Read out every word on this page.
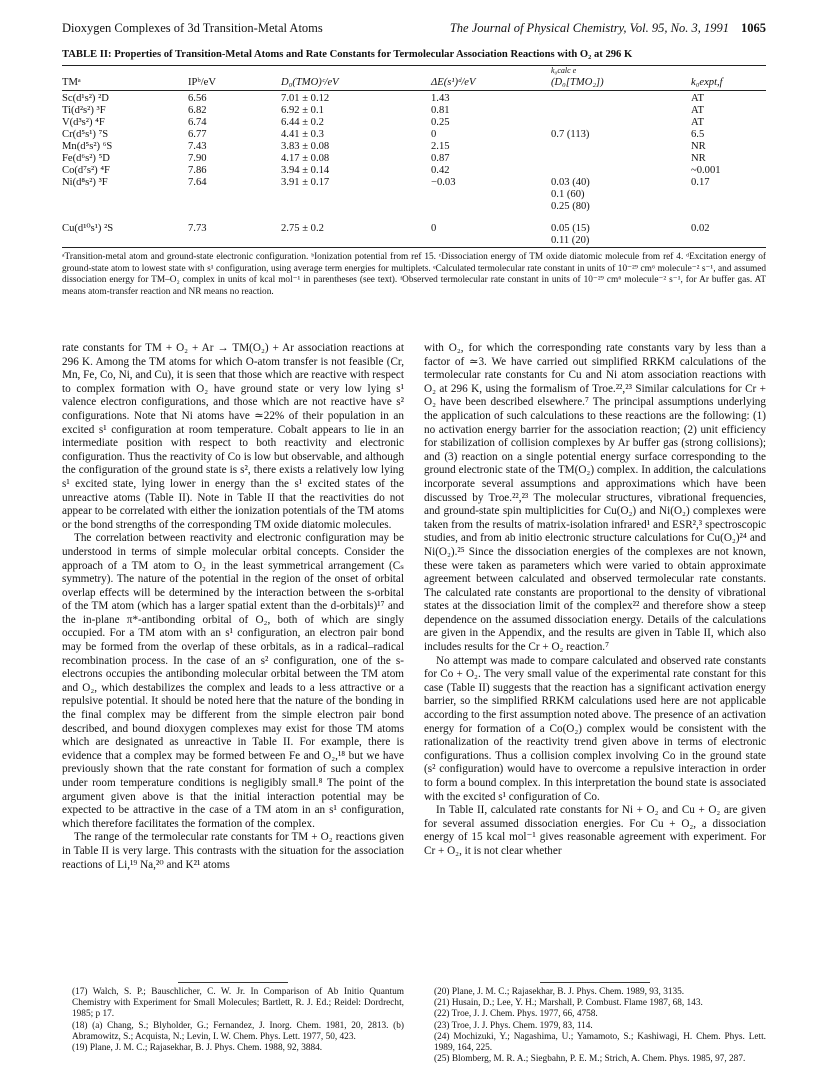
Dioxygen Complexes of 3d Transition-Metal Atoms	The Journal of Physical Chemistry, Vol. 95, No. 3, 1991 1065
TABLE II: Properties of Transition-Metal Atoms and Rate Constants for Termolecular Association Reactions with O₂ at 296 K
				k₀calc e	
TMᵃ	IPᵇ/eV	D₀(TMO)ᶜ/eV	ΔE(s¹)ᵈ/eV	(D₀[TMO₂])	k₀expt,f
Sc(d¹s²) ²D	6.56	7.01 ± 0.12	1.43		AT
Ti(d²s²) ³F	6.82	6.92 ± 0.1	0.81		AT
V(d³s²) ⁴F	6.74	6.44 ± 0.2	0.25		AT
Cr(d⁵s¹) ⁷S	6.77	4.41 ± 0.3	0	0.7 (113)	6.5
Mn(d⁵s²) ⁶S	7.43	3.83 ± 0.08	2.15		NR
Fe(d⁶s²) ⁵D	7.90	4.17 ± 0.08	0.87		NR
Co(d⁷s²) ⁴F	7.86	3.94 ± 0.14	0.42		~0.001
Ni(d⁸s²) ³F	7.64	3.91 ± 0.17	−0.03	0.03 (40)
0.1 (60)
0.25 (80)	0.17

Cu(d¹⁰s¹) ²S	7.73	2.75 ± 0.2	0	0.05 (15)
0.11 (20)	0.02
ᵃTransition-metal atom and ground-state electronic configuration. ᵇIonization potential from ref 15. ᶜDissociation energy of TM oxide diatomic molecule from ref 4. ᵈExcitation energy of ground-state atom to lowest state with s¹ configuration, using average term energies for multiplets. ᵉCalculated termolecular rate constant in units of 10⁻²⁹ cm⁶ molecule⁻² s⁻¹, and assumed dissociation energy for TM–O₂ complex in units of kcal mol⁻¹ in parentheses (see text). ᶠObserved termolecular rate constant in units of 10⁻²⁹ cm⁶ molecule⁻² s⁻¹, for Ar buffer gas. AT means atom-transfer reaction and NR means no reaction.

rate constants for TM + O₂ + Ar → TM(O₂) + Ar association reactions at 296 K. Among the TM atoms for which O-atom transfer is not feasible (Cr, Mn, Fe, Co, Ni, and Cu), it is seen that those which are reactive with respect to complex formation with O₂ have ground state or very low lying s¹ valence electron configurations, and those which are not reactive have s² configurations. Note that Ni atoms have ≃22% of their population in an excited s¹ configuration at room temperature. Cobalt appears to lie in an intermediate position with respect to both reactivity and electronic configuration. Thus the reactivity of Co is low but observable, and although the configuration of the ground state is s², there exists a relatively low lying s¹ excited state, lying lower in energy than the s¹ excited states of the unreactive atoms (Table II). Note in Table II that the reactivities do not appear to be correlated with either the ionization potentials of the TM atoms or the bond strengths of the corresponding TM oxide diatomic molecules.

The correlation between reactivity and electronic configuration may be understood in terms of simple molecular orbital concepts. Consider the approach of a TM atom to O₂ in the least symmetrical arrangement (Cₛ symmetry). The nature of the potential in the region of the onset of orbital overlap effects will be determined by the interaction between the s-orbital of the TM atom (which has a larger spatial extent than the d-orbitals)¹⁷ and the in-plane π*-antibonding orbital of O₂, both of which are singly occupied. For a TM atom with an s¹ configuration, an electron pair bond may be formed from the overlap of these orbitals, as in a radical–radical recombination process. In the case of an s² configuration, one of the s-electrons occupies the antibonding molecular orbital between the TM atom and O₂, which destabilizes the complex and leads to a less attractive or a repulsive potential. It should be noted here that the nature of the bonding in the final complex may be different from the simple electron pair bond described, and bound dioxygen complexes may exist for those TM atoms which are designated as unreactive in Table II. For example, there is evidence that a complex may be formed between Fe and O₂,¹⁸ but we have previously shown that the rate constant for formation of such a complex under room temperature conditions is negligibly small.⁸ The point of the argument given above is that the initial interaction potential may be expected to be attractive in the case of a TM atom in an s¹ configuration, which therefore facilitates the formation of the complex.

The range of the termolecular rate constants for TM + O₂ reactions given in Table II is very large. This contrasts with the situation for the association reactions of Li,¹⁹ Na,²⁰ and K²¹ atoms

with O₂, for which the corresponding rate constants vary by less than a factor of ≃3. We have carried out simplified RRKM calculations of the termolecular rate constants for Cu and Ni atom association reactions with O₂ at 296 K, using the formalism of Troe.²²,²³ Similar calculations for Cr + O₂ have been described elsewhere.⁷ The principal assumptions underlying the application of such calculations to these reactions are the following: (1) no activation energy barrier for the association reaction; (2) unit efficiency for stabilization of collision complexes by Ar buffer gas (strong collisions); and (3) reaction on a single potential energy surface corresponding to the ground electronic state of the TM(O₂) complex. In addition, the calculations incorporate several assumptions and approximations which have been discussed by Troe.²²,²³ The molecular structures, vibrational frequencies, and ground-state spin multiplicities for Cu(O₂) and Ni(O₂) complexes were taken from the results of matrix-isolation infrared¹ and ESR²,³ spectroscopic studies, and from ab initio electronic structure calculations for Cu(O₂)²⁴ and Ni(O₂).²⁵ Since the dissociation energies of the complexes are not known, these were taken as parameters which were varied to obtain approximate agreement between calculated and observed termolecular rate constants. The calculated rate constants are proportional to the density of vibrational states at the dissociation limit of the complex²² and therefore show a steep dependence on the assumed dissociation energy. Details of the calculations are given in the Appendix, and the results are given in Table II, which also includes results for the Cr + O₂ reaction.⁷

No attempt was made to compare calculated and observed rate constants for Co + O₂. The very small value of the experimental rate constant for this case (Table II) suggests that the reaction has a significant activation energy barrier, so the simplified RRKM calculations used here are not applicable according to the first assumption noted above. The presence of an activation energy for formation of a Co(O₂) complex would be consistent with the rationalization of the reactivity trend given above in terms of electronic configurations. Thus a collision complex involving Co in the ground state (s² configuration) would have to overcome a repulsive interaction in order to form a bound complex. In this interpretation the bound state is associated with the excited s¹ configuration of Co.

In Table II, calculated rate constants for Ni + O₂ and Cu + O₂ are given for several assumed dissociation energies. For Cu + O₂, a dissociation energy of 15 kcal mol⁻¹ gives reasonable agreement with experiment. For Cr + O₂, it is not clear whether

(17) Walch, S. P.; Bauschlicher, C. W. Jr. In Comparison of Ab Initio Quantum Chemistry with Experiment for Small Molecules; Bartlett, R. J. Ed.; Reidel: Dordrecht, 1985; p 17.
(18) (a) Chang, S.; Blyholder, G.; Fernandez, J. Inorg. Chem. 1981, 20, 2813. (b) Abramowitz, S.; Acquista, N.; Levin, I. W. Chem. Phys. Lett. 1977, 50, 423.
(19) Plane, J. M. C.; Rajasekhar, B. J. Phys. Chem. 1988, 92, 3884.
(20) Plane, J. M. C.; Rajasekhar, B. J. Phys. Chem. 1989, 93, 3135.
(21) Husain, D.; Lee, Y. H.; Marshall, P. Combust. Flame 1987, 68, 143.
(22) Troe, J. J. Chem. Phys. 1977, 66, 4758.
(23) Troe, J. J. Phys. Chem. 1979, 83, 114.
(24) Mochizuki, Y.; Nagashima, U.; Yamamoto, S.; Kashiwagi, H. Chem. Phys. Lett. 1989, 164, 225.
(25) Blomberg, M. R. A.; Siegbahn, P. E. M.; Strich, A. Chem. Phys. 1985, 97, 287.
